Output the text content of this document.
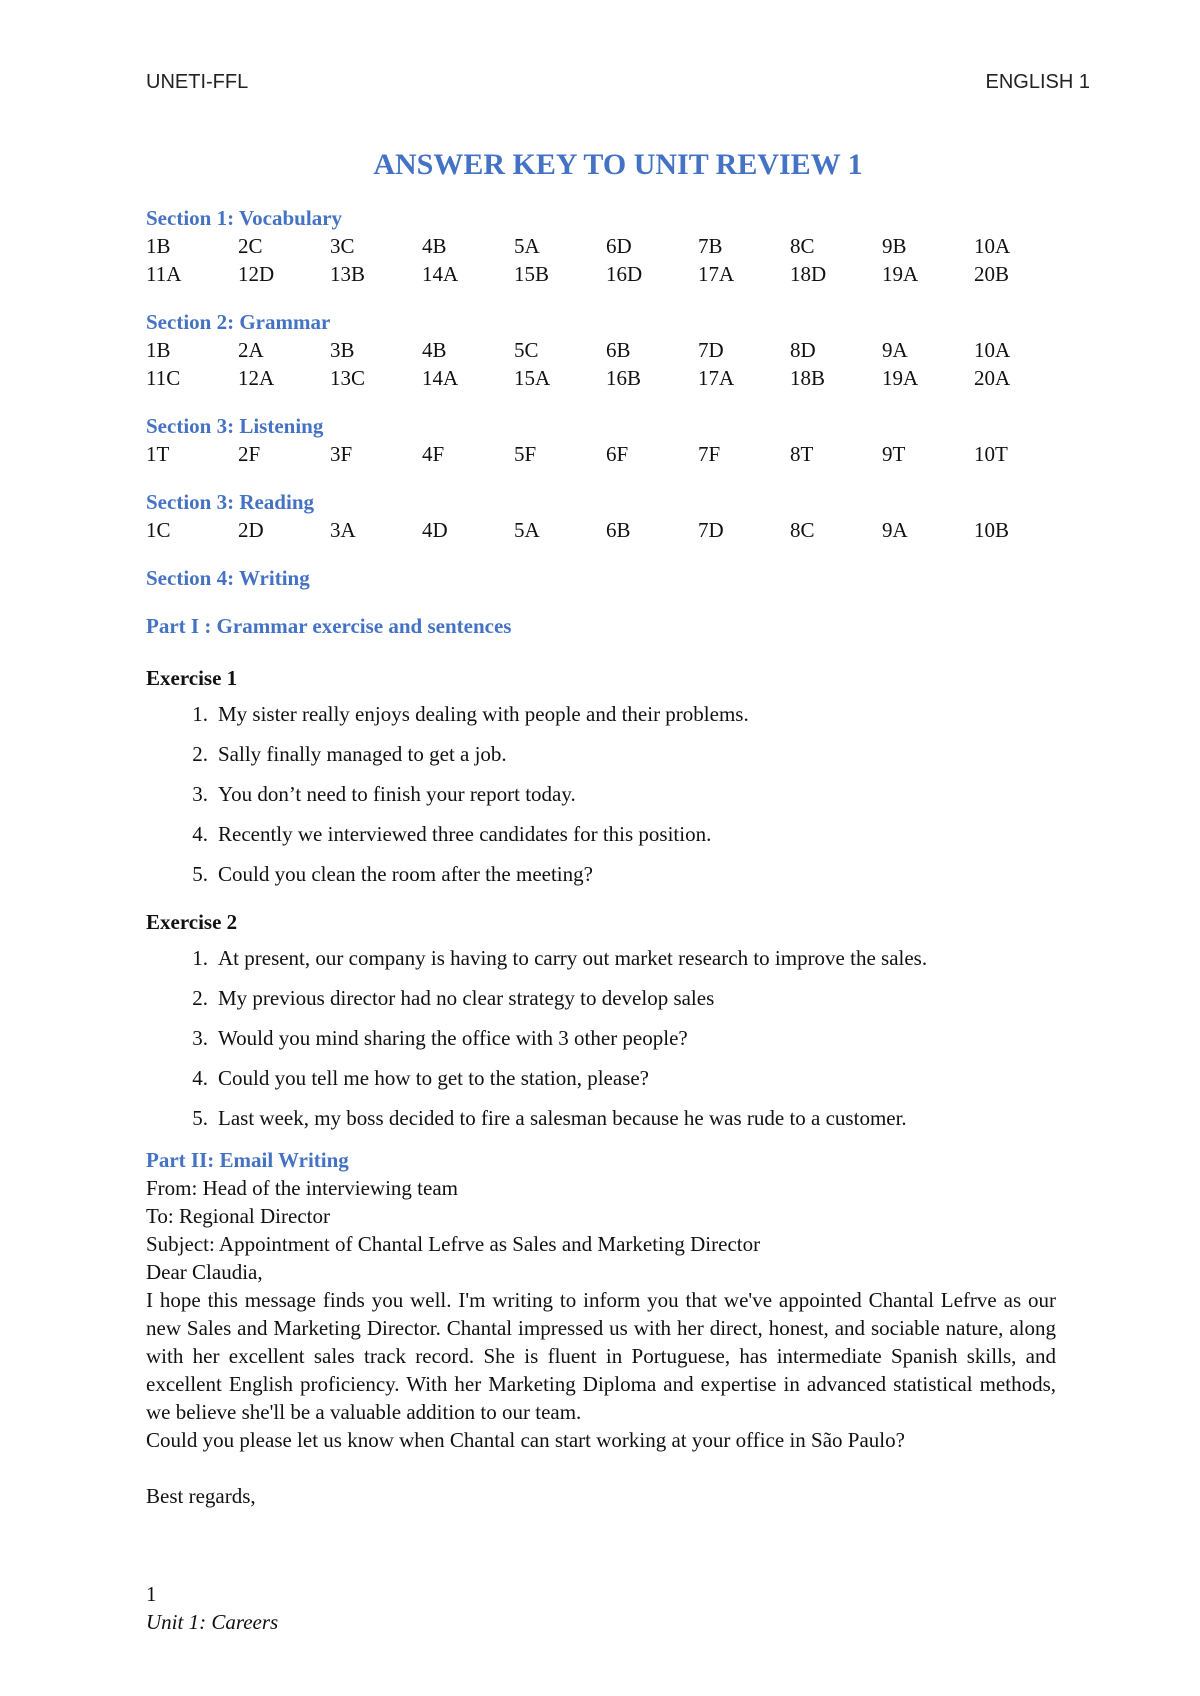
UNETI-FFL	ENGLISH 1
ANSWER KEY TO UNIT REVIEW 1
Section 1: Vocabulary
1B	2C	3C	4B	5A	6D	7B	8C	9B	10A
11A	12D	13B	14A	15B	16D	17A	18D	19A	20B
Section 2: Grammar
1B	2A	3B	4B	5C	6B	7D	8D	9A	10A
11C	12A	13C	14A	15A	16B	17A	18B	19A	20A
Section 3: Listening
1T	2F	3F	4F	5F	6F	7F	8T	9T	10T
Section 3: Reading
1C	2D	3A	4D	5A	6B	7D	8C	9A	10B
Section 4: Writing
Part I : Grammar exercise and sentences
Exercise 1
1. My sister really enjoys dealing with people and their problems.
2. Sally finally managed to get a job.
3. You don’t need to finish your report today.
4. Recently we interviewed three candidates for this position.
5. Could you clean the room after the meeting?
Exercise 2
1. At present, our company is having to carry out market research to improve the sales.
2. My previous director had no clear strategy to develop sales
3. Would you mind sharing the office with 3 other people?
4. Could you tell me how to get to the station, please?
5. Last week, my boss decided to fire a salesman because he was rude to a customer.
Part II: Email Writing
From: Head of the interviewing team
To: Regional Director
Subject: Appointment of Chantal Lefrve as Sales and Marketing Director
Dear Claudia,
I hope this message finds you well. I'm writing to inform you that we've appointed Chantal Lefrve as our new Sales and Marketing Director. Chantal impressed us with her direct, honest, and sociable nature, along with her excellent sales track record. She is fluent in Portuguese, has intermediate Spanish skills, and excellent English proficiency. With her Marketing Diploma and expertise in advanced statistical methods, we believe she'll be a valuable addition to our team.
Could you please let us know when Chantal can start working at your office in São Paulo?
Best regards,
1
Unit 1: Careers
